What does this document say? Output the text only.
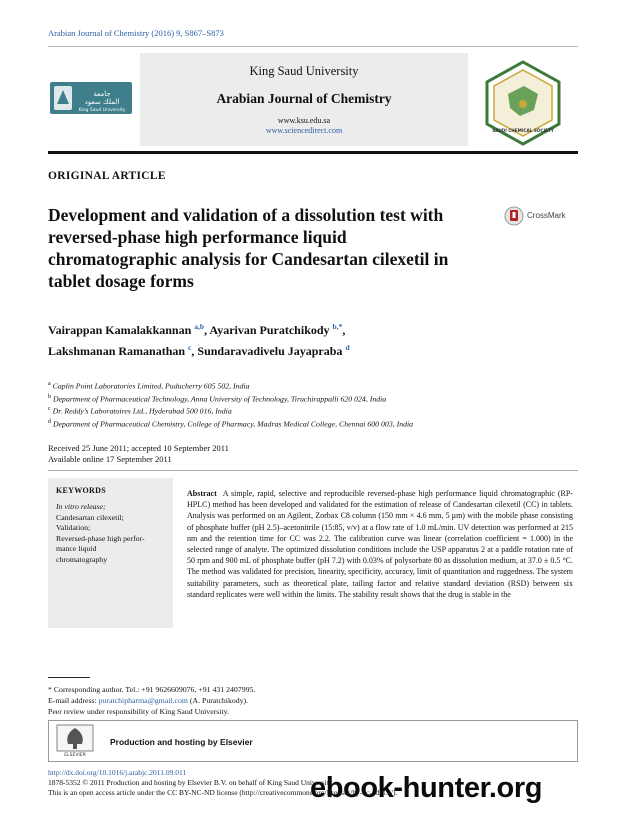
Arabian Journal of Chemistry (2016) 9, S867–S873
جامعة
الملك سعود
King Saud University
King Saud University
Arabian Journal of Chemistry
www.ksu.edu.sa
www.sciencedirect.com	SAUDI CHEMICAL SOCIETY
ORIGINAL ARTICLE
Development and validation of a dissolution test with reversed-phase high performance liquid chromatographic analysis for Candesartan cilexetil in tablet dosage forms
CrossMark
Vairappan Kamalakkannan $^{a,b}$, Ayarivan Puratchikody $^{b,*}$,
Lakshmanan Ramanathan $^c$, Sundaravadivelu Jayapraba $^d$
$^a$ Caplin Point Laboratories Limited, Puducherry 605 502, India
$^b$ Department of Pharmaceutical Technology, Anna University of Technology, Tiruchirappalli 620 024, India
$^c$ Dr. Reddy’s Laboratoires Ltd., Hyderabad 500 016, India
$^d$ Department of Pharmaceutical Chemistry, College of Pharmacy, Madras Medical College, Chennai 600 003, India
Received 25 June 2011; accepted 10 September 2011
Available online 17 September 2011
KEYWORDS
In vitro release;
Candesartan cilexetil;
Validation;
Reversed-phase high perfor-
mance liquid
chromatography
Abstract A simple, rapid, selective and reproducible reversed-phase high performance liquid chromatographic (RP-HPLC) method has been developed and validated for the estimation of release of Candesartan cilexetil (CC) in tablets. Analysis was performed on an Agilent, Zorbax C8 column (150 mm × 4.6 mm, 5 μm) with the mobile phase consisting of phosphate buffer (pH 2.5)–acetonitrile (15:85, v/v) at a flow rate of 1.0 mL/min. UV detection was performed at 215 nm and the retention time for CC was 2.2. The calibration curve was linear (correlation coefficient = 1.000) in the selected range of analyte. The optimized dissolution conditions include the USP apparatus 2 at a paddle rotation rate of 50 rpm and 900 mL of phosphate buffer (pH 7.2) with 0.03% of polysorbate 80 as dissolution medium, at 37.0 ± 0.5 °C. The method was validated for precision, linearity, specificity, accuracy, limit of quantitation and ruggedness. The system suitability parameters, such as theoretical plate, tailing factor and relative standard deviation (RSD) between six standard replicates were well within the limits. The stability result shows that the drug is stable in the
* Corresponding author. Tel.: +91 9626609076, +91 431 2407995.
E-mail address: puratchipharma@gmail.com (A. Puratchikody).
Peer review under responsibility of King Saud University.
ELSEVIER
Production and hosting by Elsevier
http://dx.doi.org/10.1016/j.arabjc.2011.09.011
1878-5352 © 2011 Production and hosting by Elsevier B.V. on behalf of King Saud University.
This is an open access article under the CC BY-NC-ND license (http://creativecommons.org/licenses/by-nc-nd/3.0/).
ebook-hunter.org
